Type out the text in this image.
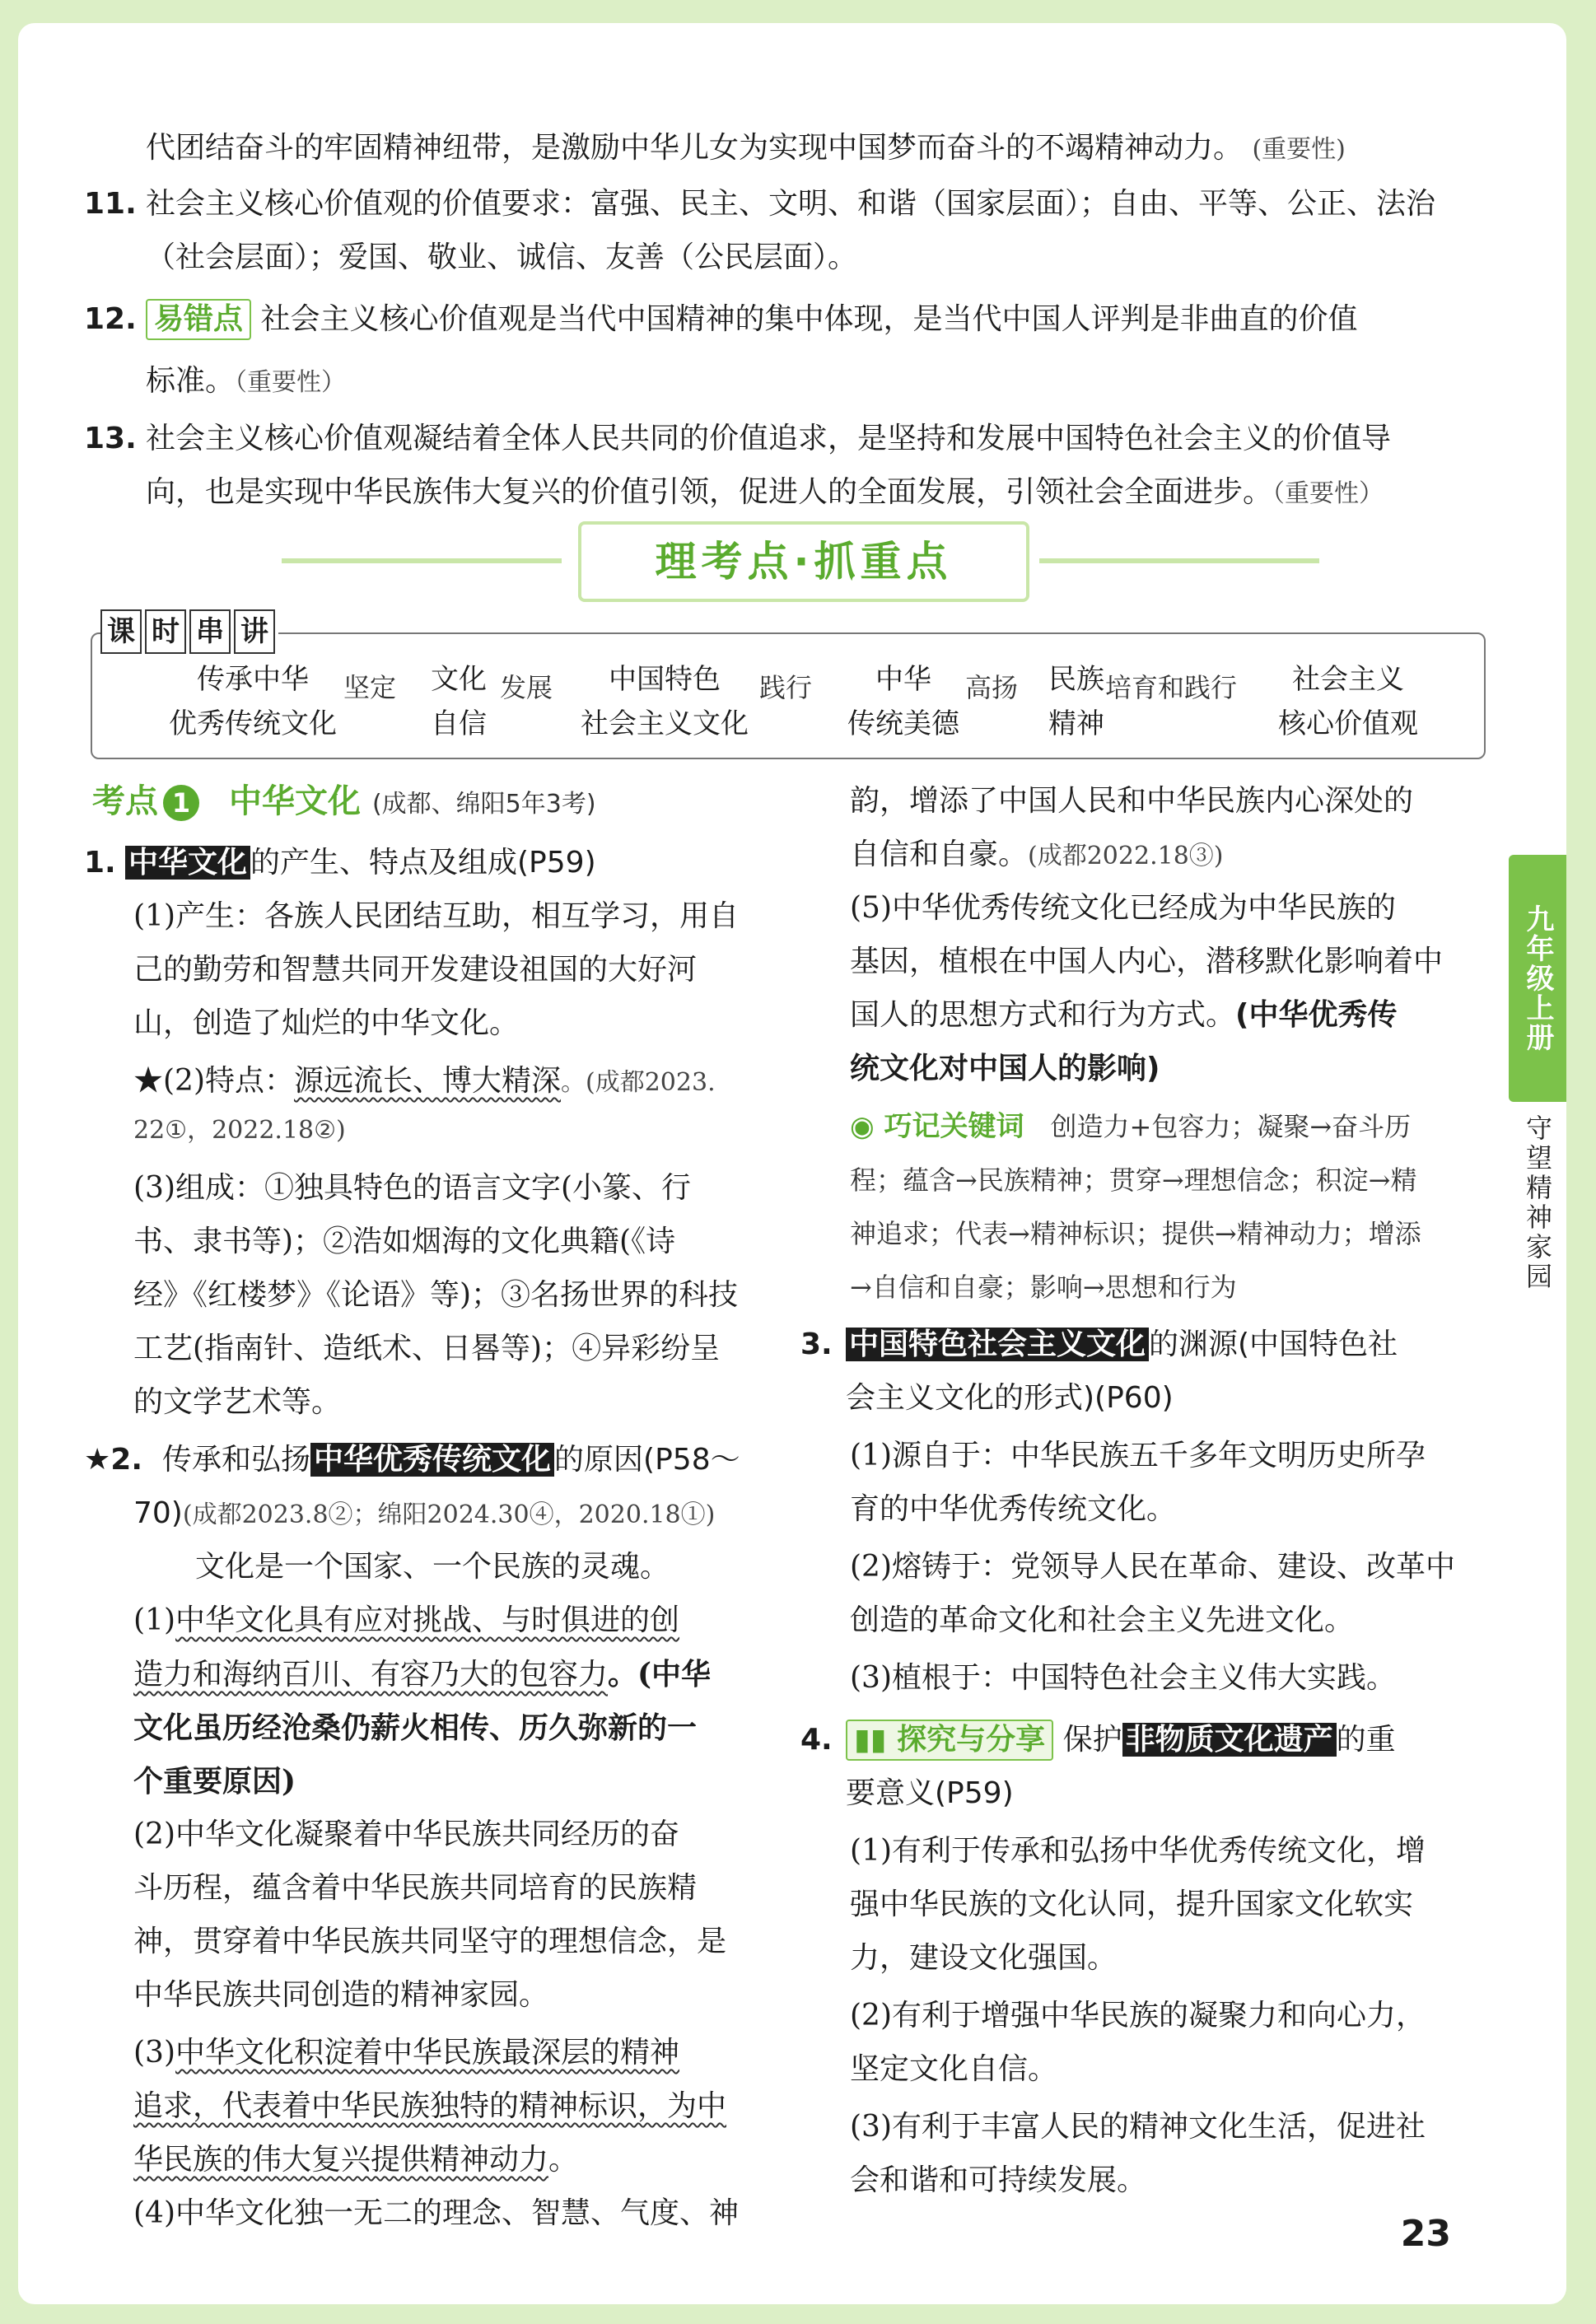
代团结奋斗的牢固精神纽带，是激励中华儿女为实现中国梦而奋斗的不竭精神动力。 (重要性)
11. 社会主义核心价值观的价值要求：富强、民主、文明、和谐（国家层面）；自由、平等、公正、法治
（社会层面）；爱国、敬业、诚信、友善（公民层面）。
12. 易错点 社会主义核心价值观是当代中国精神的集中体现，是当代中国人评判是非曲直的价值
标准。（重要性）
13. 社会主义核心价值观凝结着全体人民共同的价值追求，是坚持和发展中国特色社会主义的价值导
向，也是实现中华民族伟大复兴的价值引领，促进人的全面发展，引领社会全面进步。（重要性）
理考点·抓重点
课 时 串 讲
传承中华
优秀传统文化
坚定	文化
自信
发展	中国特色
社会主义文化
践行	中华
传统美德
高扬	民族
精神
培育和践行	社会主义
核心价值观
考点 1 中华文化 (成都、绵阳5年3考)
1. 中华文化 的产生、特点及组成(P59)
(1)产生：各族人民团结互助，相互学习，用自
己的勤劳和智慧共同开发建设祖国的大好河
山，创造了灿烂的中华文化。
★(2)特点：源远流长、博大精深。(成都2023.
22①，2022.18②)
(3)组成：①独具特色的语言文字(小篆、行
书、隶书等)；②浩如烟海的文化典籍(《诗
经》《红楼梦》《论语》等)；③名扬世界的科技
工艺(指南针、造纸术、日晷等)；④异彩纷呈
的文学艺术等。
★2. 传承和弘扬 中华优秀传统文化 的原因(P58～
70)(成都2023.8②；绵阳2024.30④，2020.18①)
文化是一个国家、一个民族的灵魂。
(1)中华文化具有应对挑战、与时俱进的创
造力和海纳百川、有容乃大的包容力。(中华
文化虽历经沧桑仍薪火相传、历久弥新的一
个重要原因)
(2)中华文化凝聚着中华民族共同经历的奋
斗历程，蕴含着中华民族共同培育的民族精
神，贯穿着中华民族共同坚守的理想信念，是
中华民族共同创造的精神家园。
(3)中华文化积淀着中华民族最深层的精神
追求，代表着中华民族独特的精神标识，为中
华民族的伟大复兴提供精神动力。
(4)中华文化独一无二的理念、智慧、气度、神
韵，增添了中国人民和中华民族内心深处的
自信和自豪。(成都2022.18③)
(5)中华优秀传统文化已经成为中华民族的
基因，植根在中国人内心，潜移默化影响着中
国人的思想方式和行为方式。(中华优秀传
统文化对中国人的影响)
◉ 巧记关键词　 创造力+包容力；凝聚→奋斗历
程；蕴含→民族精神；贯穿→理想信念；积淀→精
神追求；代表→精神标识；提供→精神动力；增添
→自信和自豪；影响→思想和行为
3. 中国特色社会主义文化 的渊源(中国特色社
会主义文化的形式)(P60)
(1)源自于：中华民族五千多年文明历史所孕
育的中华优秀传统文化。
(2)熔铸于：党领导人民在革命、建设、改革中
创造的革命文化和社会主义先进文化。
(3)植根于：中国特色社会主义伟大实践。
4. ▮▮ 探究与分享 保护 非物质文化遗产 的重
要意义(P59)
(1)有利于传承和弘扬中华优秀传统文化，增
强中华民族的文化认同，提升国家文化软实
力，建设文化强国。
(2)有利于增强中华民族的凝聚力和向心力，
坚定文化自信。
(3)有利于丰富人民的精神文化生活，促进社
会和谐和可持续发展。
九年级上册
守望精神家园
23
